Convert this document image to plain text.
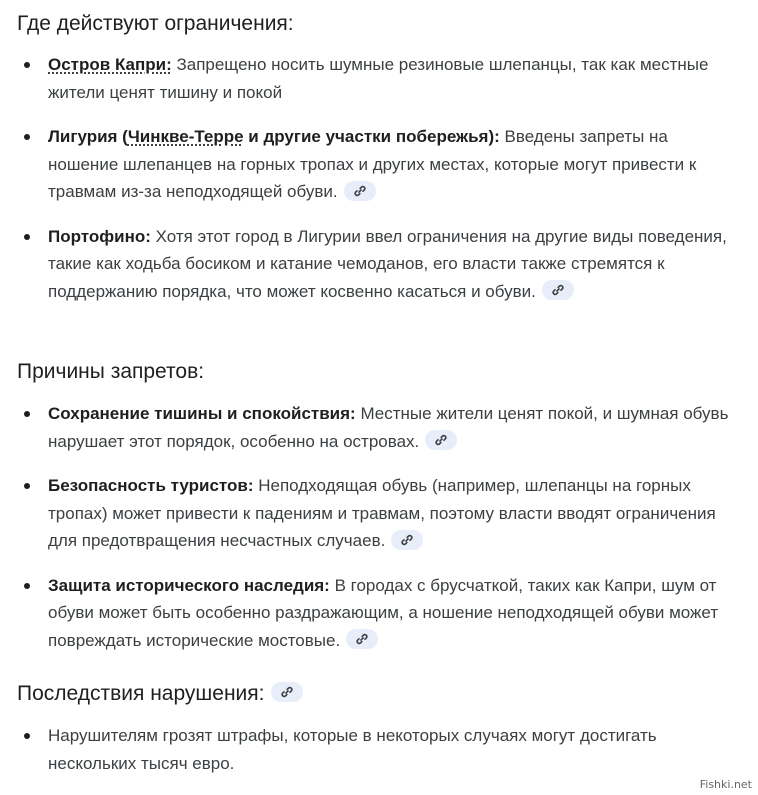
Где действуют ограничения:
Остров Капри: Запрещено носить шумные резиновые шлепанцы, так как местные жители ценят тишину и покой
Лигурия (Чинкве-Терре и другие участки побережья): Введены запреты на ношение шлепанцев на горных тропах и других местах, которые могут привести к травмам из-за неподходящей обуви.
Портофино: Хотя этот город в Лигурии ввел ограничения на другие виды поведения, такие как ходьба босиком и катание чемоданов, его власти также стремятся к поддержанию порядка, что может косвенно касаться и обуви.
Причины запретов:
Сохранение тишины и спокойствия: Местные жители ценят покой, и шумная обувь нарушает этот порядок, особенно на островах.
Безопасность туристов: Неподходящая обувь (например, шлепанцы на горных тропах) может привести к падениям и травмам, поэтому власти вводят ограничения для предотвращения несчастных случаев.
Защита исторического наследия: В городах с брусчаткой, таких как Капри, шум от обуви может быть особенно раздражающим, а ношение неподходящей обуви может повреждать исторические мостовые.
Последствия нарушения:
Нарушителям грозят штрафы, которые в некоторых случаях могут достигать нескольких тысяч евро.
Fishki.net
